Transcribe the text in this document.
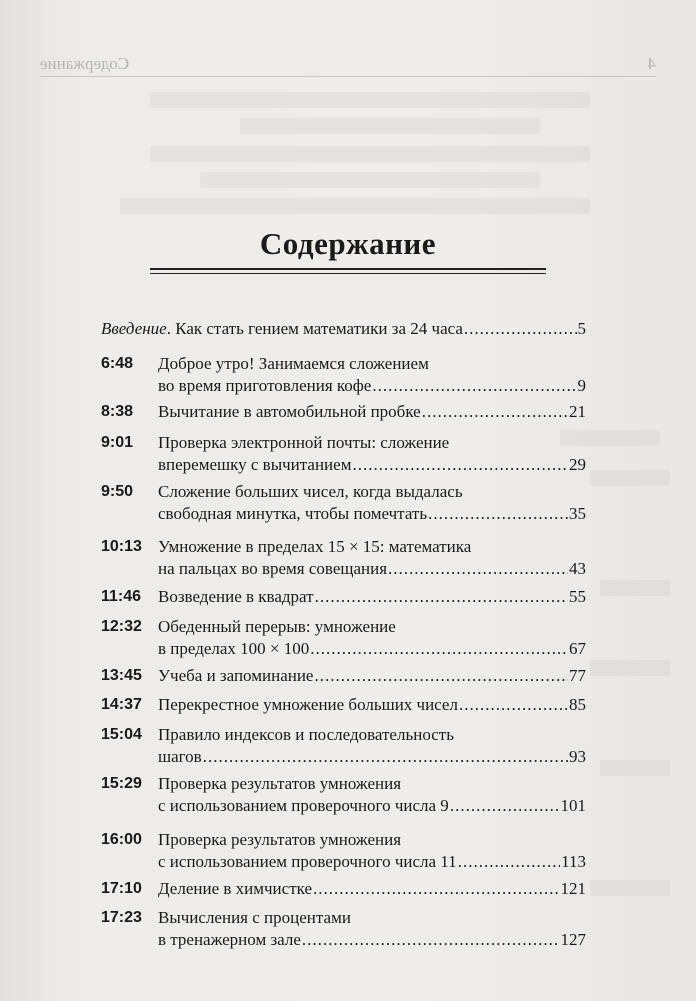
4
Содержание
Содержание
Введение . Как стать гением математики за 24 часа .....	5
6:48	Доброе утро! Занимаемся сложением
во время приготовления кофе .....	9
8:38	Вычитание в автомобильной пробке .....	21
9:01	Проверка электронной почты: сложение
вперемешку с вычитанием .....	29
9:50	Сложение больших чисел, когда выдалась
свободная минутка, чтобы помечтать .....	35
10:13 Умножение в пределах 15 × 15: математика
на пальцах во время совещания .....	43
11:46 Возведение в квадрат .....	55
12:32 Обеденный перерыв: умножение
в пределах 100 × 100 .....	67
13:45 Учеба и запоминание .....	77
14:37 Перекрестное умножение больших чисел .....	85
15:04 Правило индексов и последовательность
шагов .....	93
15:29 Проверка результатов умножения
с использованием проверочного числа 9 .....	101
16:00 Проверка результатов умножения
с использованием проверочного числа 11 .....	113
17:10 Деление в химчистке .....	121
17:23 Вычисления с процентами
в тренажерном зале .....	127
